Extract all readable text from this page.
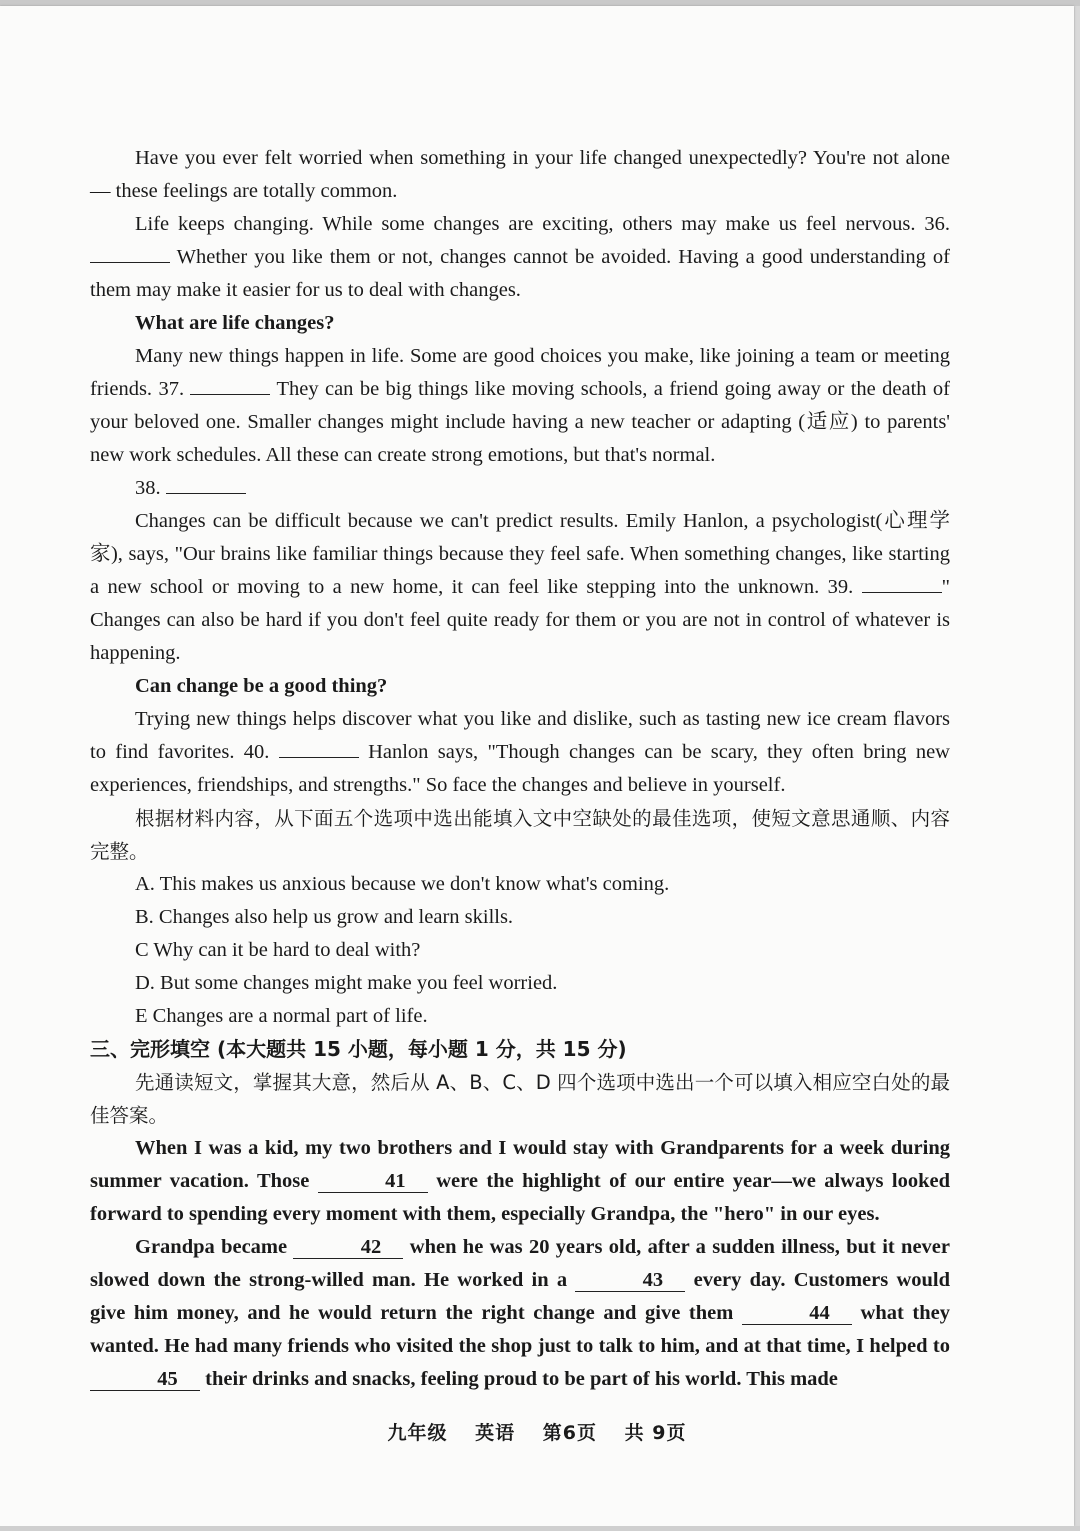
Have you ever felt worried when something in your life changed unexpectedly? You're not alone — these feelings are totally common.

Life keeps changing. While some changes are exciting, others may make us feel nervous. 36.  Whether you like them or not, changes cannot be avoided. Having a good understanding of them may make it easier for us to deal with changes.

What are life changes?

Many new things happen in life. Some are good choices you make, like joining a team or meeting friends. 37.	They can be big things like moving schools, a friend going away or the death of your beloved one. Smaller changes might include having a new teacher or adapting (适应) to parents' new work schedules. All these can create strong emotions, but that's normal.

38.

Changes can be difficult because we can't predict results. Emily Hanlon, a psychologist(心理学家), says, "Our brains like familiar things because they feel safe. When something changes, like starting a new school or moving to a new home, it can feel like stepping into the unknown. 39.	" Changes can also be hard if you don't feel quite ready for them or you are not in control of whatever is happening.

Can change be a good thing?

Trying new things helps discover what you like and dislike, such as tasting new ice cream flavors to find favorites. 40.	Hanlon says, "Though changes can be scary, they often bring new experiences, friendships, and strengths." So face the changes and believe in yourself.

根据材料内容，从下面五个选项中选出能填入文中空缺处的最佳选项，使短文意思通顺、内容完整。

A. This makes us anxious because we don't know what's coming.

B. Changes also help us grow and learn skills.

C Why can it be hard to deal with?

D. But some changes might make you feel worried.

E Changes are a normal part of life.

三、完形填空 (本大题共 15 小题，每小题 1 分，共 15 分)

先通读短文，掌握其大意，然后从 A、B、C、D 四个选项中选出一个可以填入相应空白处的最佳答案。

When I was a kid, my two brothers and I would stay with Grandparents for a week during summer vacation. Those	41 were the highlight of our entire year—we always looked forward to spending every moment with them, especially Grandpa, the "hero" in our eyes.

Grandpa became	42 when he was 20 years old, after a sudden illness, but it never slowed down the strong-willed man. He worked in a	43 every day. Customers would give him money, and he would return the right change and give them	44 what they wanted. He had many friends who visited the shop just to talk to him, and at that time, I helped to 45 their drinks and snacks, feeling proud to be part of his world. This made

九年级 英语 第6页 共 9页
